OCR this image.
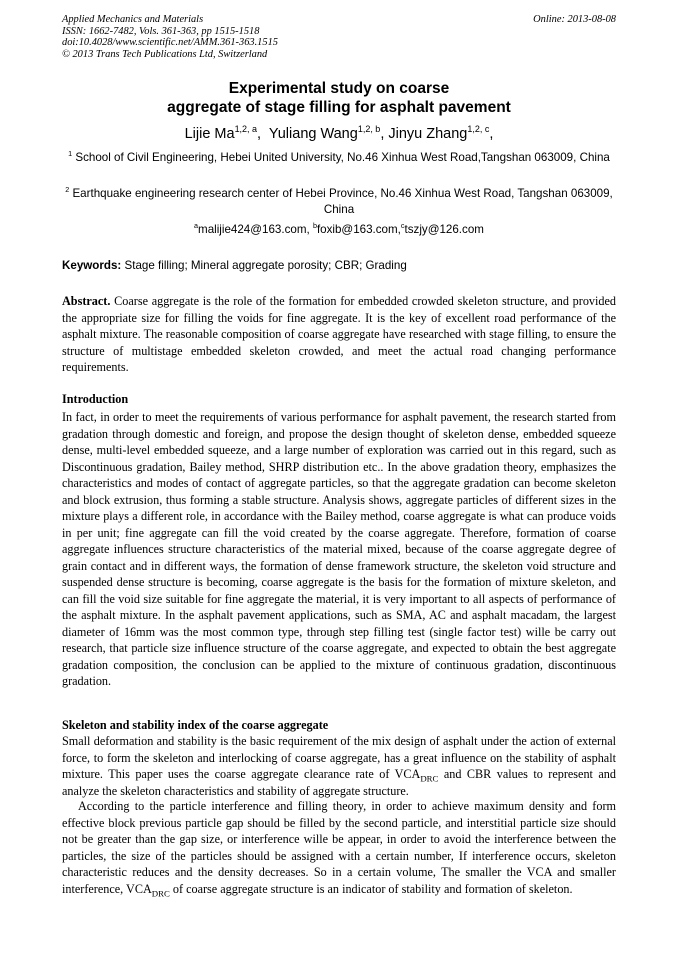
Applied Mechanics and Materials
ISSN: 1662-7482, Vols. 361-363, pp 1515-1518
doi:10.4028/www.scientific.net/AMM.361-363.1515
© 2013 Trans Tech Publications Ltd, Switzerland
Online: 2013-08-08
Experimental study on coarse
aggregate of stage filling for asphalt pavement
Lijie Ma$^{1,2, a}$,  Yuliang Wang$^{1,2, b}$, Jinyu Zhang$^{1,2, c}$,
$^1$ School of Civil Engineering, Hebei United University, No.46 Xinhua West Road,Tangshan 063009, China
$^2$ Earthquake engineering research center of Hebei Province, No.46 Xinhua West Road, Tangshan 063009, China
$^a$malijie424@163.com, $^b$foxib@163.com,$^c$tszjy@126.com
Keywords: Stage filling; Mineral aggregate porosity; CBR; Grading
Abstract. Coarse aggregate is the role of the formation for embedded crowded skeleton structure, and provided the appropriate size for filling the voids for fine aggregate. It is the key of excellent road performance of the asphalt mixture. The reasonable composition of coarse aggregate have researched with stage filling, to ensure the structure of multistage embedded skeleton crowded, and meet the actual road changing performance requirements.
Introduction
In fact, in order to meet the requirements of various performance for asphalt pavement, the research started from gradation through domestic and foreign, and propose the design thought of skeleton dense, embedded squeeze dense, multi-level embedded squeeze, and a large number of exploration was carried out in this regard, such as Discontinuous gradation, Bailey method, SHRP distribution etc.. In the above gradation theory, emphasizes the characteristics and modes of contact of aggregate particles, so that the aggregate gradation can become skeleton and block extrusion, thus forming a stable structure. Analysis shows, aggregate particles of different sizes in the mixture plays a different role, in accordance with the Bailey method, coarse aggregate is what can produce voids in per unit; fine aggregate can fill the void created by the coarse aggregate. Therefore, formation of coarse aggregate influences structure characteristics of the material mixed, because of the coarse aggregate degree of grain contact and in different ways, the formation of dense framework structure, the skeleton void structure and suspended dense structure is becoming, coarse aggregate is the basis for the formation of mixture skeleton, and can fill the void size suitable for fine aggregate the material, it is very important to all aspects of performance of the asphalt mixture. In the asphalt pavement applications, such as SMA, AC and asphalt macadam, the largest diameter of 16mm was the most common type, through step filling test (single factor test) wille be carry out research, that particle size influence structure of the coarse aggregate, and expected to obtain the best aggregate gradation composition, the conclusion can be applied to the mixture of continuous gradation, discontinuous gradation.
Skeleton and stability index of the coarse aggregate
Small deformation and stability is the basic requirement of the mix design of asphalt under the action of external force, to form the skeleton and interlocking of coarse aggregate, has a great influence on the stability of asphalt mixture. This paper uses the coarse aggregate clearance rate of $VCA_{DRC}$ and CBR values to represent and analyze the skeleton characteristics and stability of aggregate structure.
According to the particle interference and filling theory, in order to achieve maximum density and form effective block previous particle gap should be filled by the second particle, and interstitial particle size should not be greater than the gap size, or interference wille be appear, in order to avoid the interference between the particles, the size of the particles should be assigned with a certain number, If interference occurs, skeleton characteristic reduces and the density decreases. So in a certain volume, The smaller the VCA and smaller interference, $VCA_{DRC}$ of coarse aggregate structure is an indicator of stability and formation of skeleton.
